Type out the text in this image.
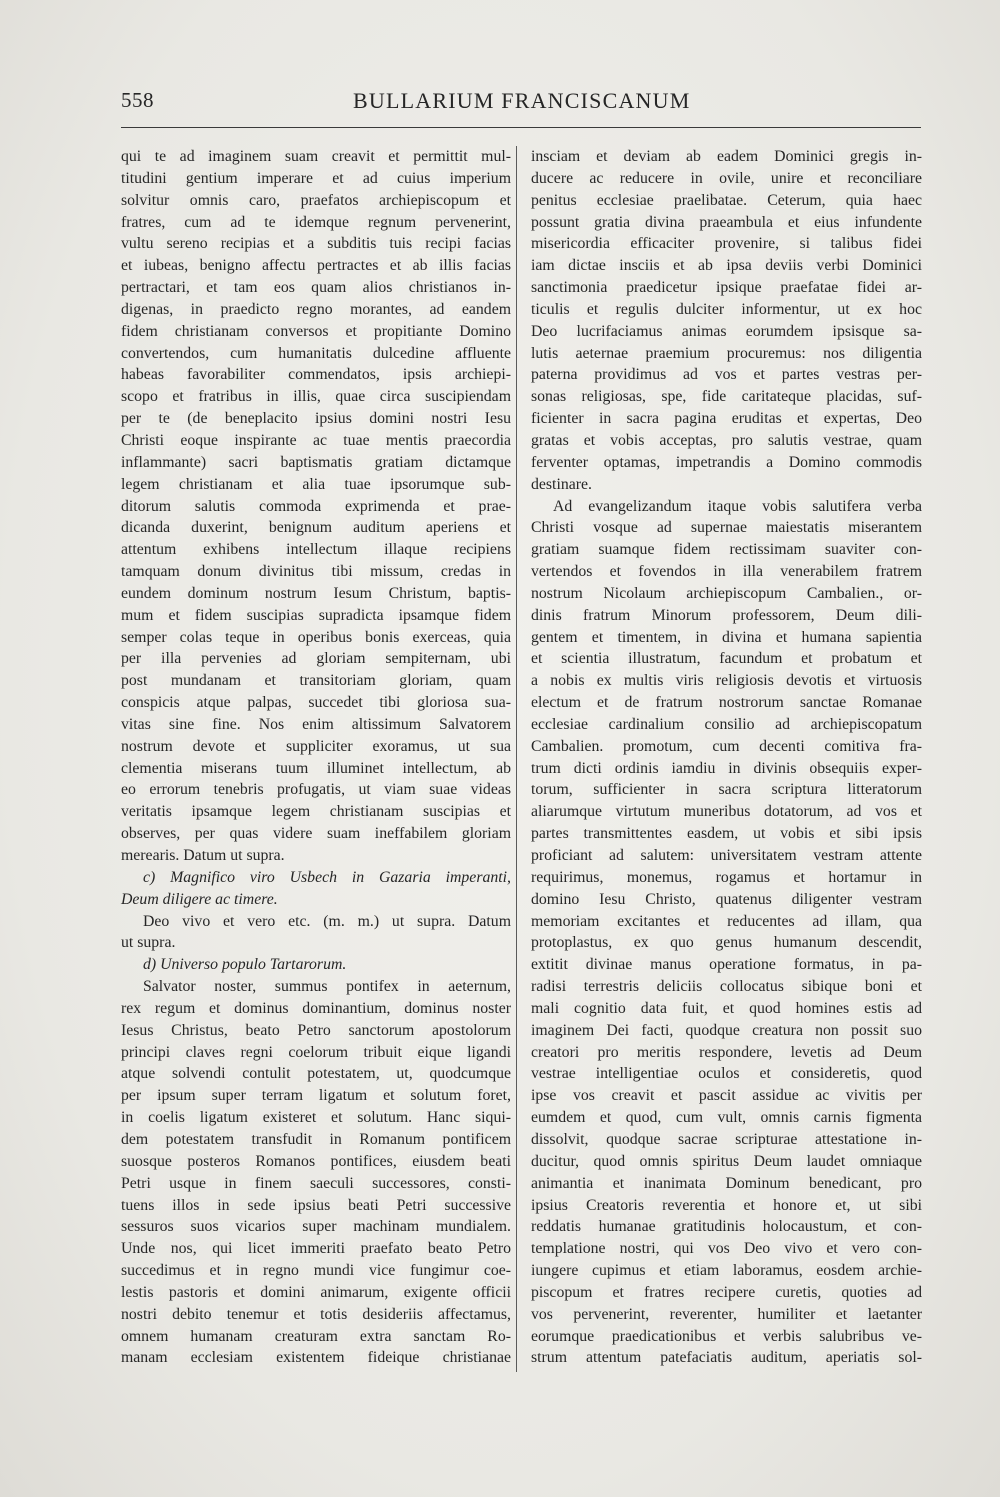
558	BULLARIUM FRANCISCANUM
qui te ad imaginem suam creavit et permittit mul-
titudini gentium imperare et ad cuius imperium
solvitur omnis caro, praefatos archiepiscopum et
fratres, cum ad te idemque regnum pervenerint,
vultu sereno recipias et a subditis tuis recipi facias
et iubeas, benigno affectu pertractes et ab illis facias
pertractari, et tam eos quam alios christianos in-
digenas, in praedicto regno morantes, ad eandem
fidem christianam conversos et propitiante Domino
convertendos, cum humanitatis dulcedine affluente
habeas favorabiliter commendatos, ipsis archiepi-
scopo et fratribus in illis, quae circa suscipiendam
per te (de beneplacito ipsius domini nostri Iesu
Christi eoque inspirante ac tuae mentis praecordia
inflammante) sacri baptismatis gratiam dictamque
legem christianam et alia tuae ipsorumque sub-
ditorum salutis commoda exprimenda et prae-
dicanda duxerint, benignum auditum aperiens et
attentum exhibens intellectum illaque recipiens
tamquam donum divinitus tibi missum, credas in
eundem dominum nostrum Iesum Christum, baptis-
mum et fidem suscipias supradicta ipsamque fidem
semper colas teque in operibus bonis exerceas, quia
per illa pervenies ad gloriam sempiternam, ubi
post mundanam et transitoriam gloriam, quam
conspicis atque palpas, succedet tibi gloriosa sua-
vitas sine fine. Nos enim altissimum Salvatorem
nostrum devote et suppliciter exoramus, ut sua
clementia miserans tuum illuminet intellectum, ab
eo errorum tenebris profugatis, ut viam suae videas
veritatis ipsamque legem christianam suscipias et
observes, per quas videre suam ineffabilem gloriam
merearis. Datum ut supra.
c) Magnifico viro Usbech in Gazaria imperanti,
Deum diligere ac timere.
Deo vivo et vero etc. (m. m.) ut supra. Datum
ut supra.
d) Universo populo Tartarorum.
Salvator noster, summus pontifex in aeternum,
rex regum et dominus dominantium, dominus noster
Iesus Christus, beato Petro sanctorum apostolorum
principi claves regni coelorum tribuit eique ligandi
atque solvendi contulit potestatem, ut, quodcumque
per ipsum super terram ligatum et solutum foret,
in coelis ligatum existeret et solutum. Hanc siqui-
dem potestatem transfudit in Romanum pontificem
suosque posteros Romanos pontifices, eiusdem beati
Petri usque in finem saeculi successores, consti-
tuens illos in sede ipsius beati Petri successive
sessuros suos vicarios super machinam mundialem.
Unde nos, qui licet immeriti praefato beato Petro
succedimus et in regno mundi vice fungimur coe-
lestis pastoris et domini animarum, exigente officii
nostri debito tenemur et totis desideriis affectamus,
omnem humanam creaturam extra sanctam Ro-
manam ecclesiam existentem fideique christianae
insciam et deviam ab eadem Dominici gregis in-
ducere ac reducere in ovile, unire et reconciliare
penitus ecclesiae praelibatae. Ceterum, quia haec
possunt gratia divina praeambula et eius infundente
misericordia efficaciter provenire, si talibus fidei
iam dictae insciis et ab ipsa deviis verbi Dominici
sanctimonia praedicetur ipsique praefatae fidei ar-
ticulis et regulis dulciter informentur, ut ex hoc
Deo lucrifaciamus animas eorumdem ipsisque sa-
lutis aeternae praemium procuremus: nos diligentia
paterna providimus ad vos et partes vestras per-
sonas religiosas, spe, fide caritateque placidas, suf-
ficienter in sacra pagina eruditas et expertas, Deo
gratas et vobis acceptas, pro salutis vestrae, quam
ferventer optamas, impetrandis a Domino commodis
destinare.
Ad evangelizandum itaque vobis salutifera verba
Christi vosque ad supernae maiestatis miserantem
gratiam suamque fidem rectissimam suaviter con-
vertendos et fovendos in illa venerabilem fratrem
nostrum Nicolaum archiepiscopum Cambalien., or-
dinis fratrum Minorum professorem, Deum dili-
gentem et timentem, in divina et humana sapientia
et scientia illustratum, facundum et probatum et
a nobis ex multis viris religiosis devotis et virtuosis
electum et de fratrum nostrorum sanctae Romanae
ecclesiae cardinalium consilio ad archiepiscopatum
Cambalien. promotum, cum decenti comitiva fra-
trum dicti ordinis iamdiu in divinis obsequiis exper-
torum, sufficienter in sacra scriptura litteratorum
aliarumque virtutum muneribus dotatorum, ad vos et
partes transmittentes easdem, ut vobis et sibi ipsis
proficiant ad salutem: universitatem vestram attente
requirimus, monemus, rogamus et hortamur in
domino Iesu Christo, quatenus diligenter vestram
memoriam excitantes et reducentes ad illam, qua
protoplastus, ex quo genus humanum descendit,
extitit divinae manus operatione formatus, in pa-
radisi terrestris deliciis collocatus sibique boni et
mali cognitio data fuit, et quod homines estis ad
imaginem Dei facti, quodque creatura non possit suo
creatori pro meritis respondere, levetis ad Deum
vestrae intelligentiae oculos et consideretis, quod
ipse vos creavit et pascit assidue ac vivitis per
eumdem et quod, cum vult, omnis carnis figmenta
dissolvit, quodque sacrae scripturae attestatione in-
ducitur, quod omnis spiritus Deum laudet omniaque
animantia et inanimata Dominum benedicant, pro
ipsius Creatoris reverentia et honore et, ut sibi
reddatis humanae gratitudinis holocaustum, et con-
templatione nostri, qui vos Deo vivo et vero con-
iungere cupimus et etiam laboramus, eosdem archie-
piscopum et fratres recipere curetis, quoties ad
vos pervenerint, reverenter, humiliter et laetanter
eorumque praedicationibus et verbis salubribus ve-
strum attentum patefaciatis auditum, aperiatis sol-
